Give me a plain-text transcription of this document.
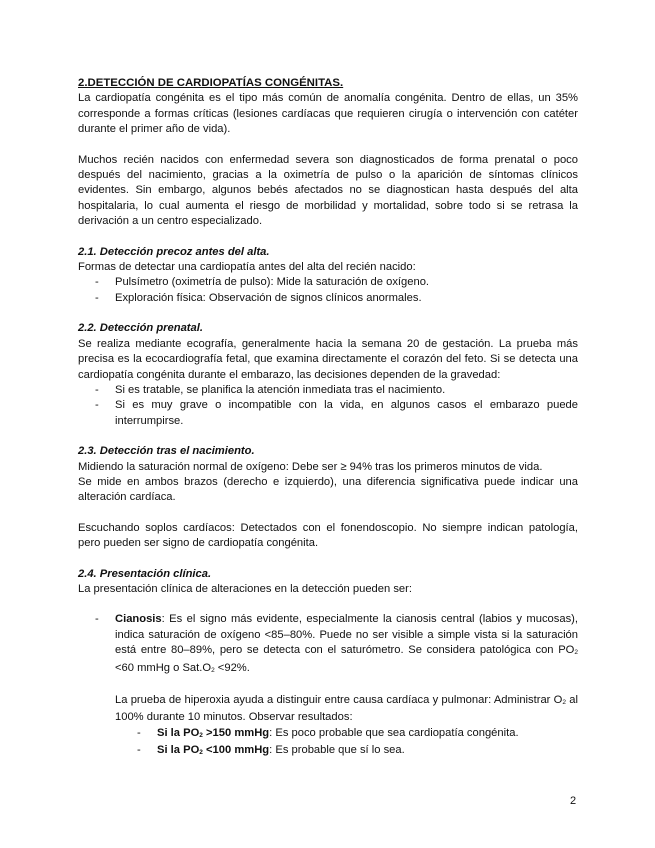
2.DETECCIÓN DE CARDIOPATÍAS CONGÉNITAS.

La cardiopatía congénita es el tipo más común de anomalía congénita. Dentro de ellas, un 35% corresponde a formas críticas (lesiones cardíacas que requieren cirugía o intervención con catéter durante el primer año de vida).

Muchos recién nacidos con enfermedad severa son diagnosticados de forma prenatal o poco después del nacimiento, gracias a la oximetría de pulso o la aparición de síntomas clínicos evidentes. Sin embargo, algunos bebés afectados no se diagnostican hasta después del alta hospitalaria, lo cual aumenta el riesgo de morbilidad y mortalidad, sobre todo si se retrasa la derivación a un centro especializado.

2.1. Detección precoz antes del alta.

Formas de detectar una cardiopatía antes del alta del recién nacido:

- Pulsímetro (oximetría de pulso): Mide la saturación de oxígeno.
- Exploración física: Observación de signos clínicos anormales.
2.2. Detección prenatal.

Se realiza mediante ecografía, generalmente hacia la semana 20 de gestación. La prueba más precisa es la ecocardiografía fetal, que examina directamente el corazón del feto. Si se detecta una cardiopatía congénita durante el embarazo, las decisiones dependen de la gravedad:

- Si es tratable, se planifica la atención inmediata tras el nacimiento.
- Si es muy grave o incompatible con la vida, en algunos casos el embarazo puede interrumpirse.
2.3. Detección tras el nacimiento.

Midiendo la saturación normal de oxígeno: Debe ser ≥ 94% tras los primeros minutos de vida.

Se mide en ambos brazos (derecho e izquierdo), una diferencia significativa puede indicar una alteración cardíaca.

Escuchando soplos cardíacos: Detectados con el fonendoscopio. No siempre indican patología, pero pueden ser signo de cardiopatía congénita.

2.4. Presentación clínica.

La presentación clínica de alteraciones en la detección pueden ser:

- Cianosis: Es el signo más evidente, especialmente la cianosis central (labios y mucosas), indica saturación de oxígeno <85–80%. Puede no ser visible a simple vista si la saturación está entre 80–89%, pero se detecta con el saturómetro. Se considera patológica con $PO_2 <60$ mmHg o $Sat.O_2 <92\%$.

La prueba de hiperoxia ayuda a distinguir entre causa cardíaca y pulmonar: Administrar $O_2$ al 100% durante 10 minutos. Observar resultados:

- Si la $PO_2 >150$ mmHg: Es poco probable que sea cardiopatía congénita.
- Si la $PO_2 <100$ mmHg: Es probable que sí lo sea.
2
